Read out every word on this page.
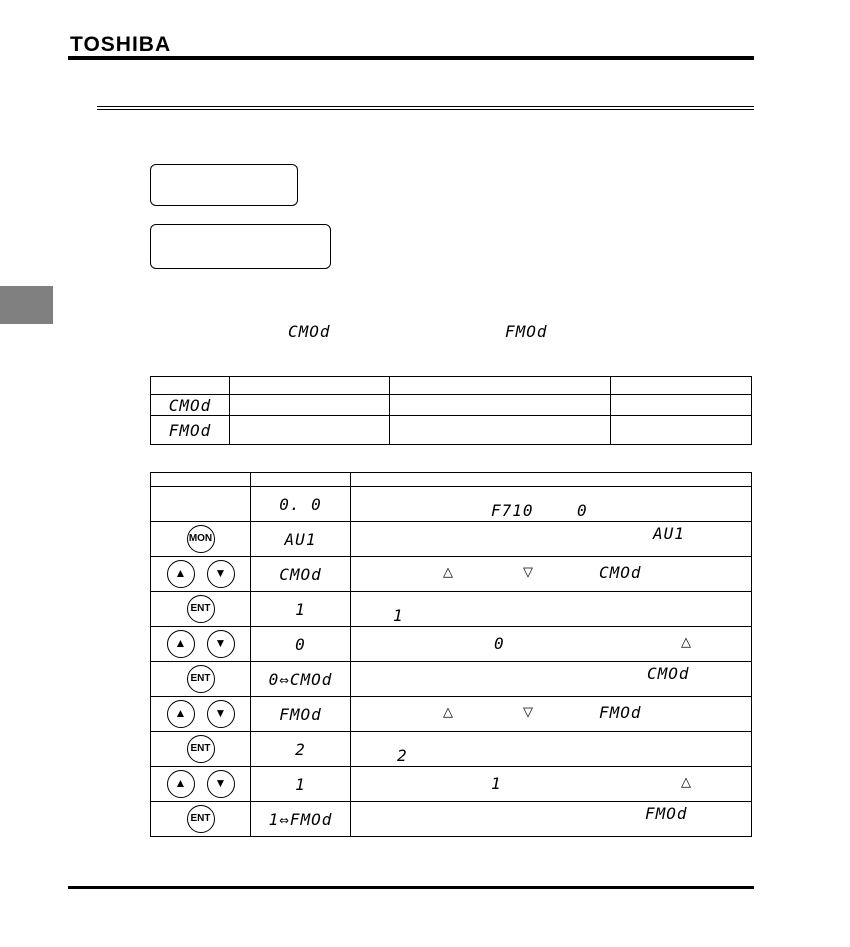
TOSHIBA
CMOd	FMOd

CMOd			
FMOd			

	0. 0	F710 0

MON	AU1	AU1

▲ ▼	CMOd	△ ▽ CMOd

ENT	1	1

▲ ▼	0	0 △

ENT	0⇔CMOd	CMOd

▲ ▼	FMOd	△ ▽ FMOd

ENT	2	2

▲ ▼	1	1 △

ENT	1⇔FMOd	FMOd
